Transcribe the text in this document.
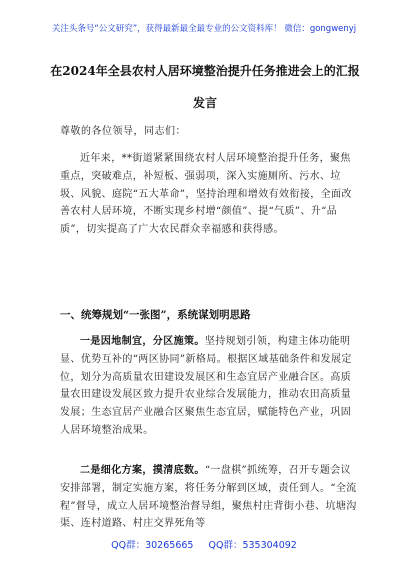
关注头条号“公文研究”，获得最新最全最专业的公文资料库！ 微信：gongwenyj
在2024年全县农村人居环境整治提升任务推进会上的汇报
发言
尊敬的各位领导，同志们：

近年来，**街道紧紧围绕农村人居环境整治提升任务，聚焦重点，突破难点，补短板、强弱项，深入实施厕所、污水、垃圾、风貌、庭院“五大革命”，坚持治理和增效有效衔接，全面改善农村人居环境，不断实现乡村增“颜值”、提“气质”、升“品质”，切实提高了广大农民群众幸福感和获得感。

一、统筹规划“一张图”，系统谋划明思路

一是因地制宜，分区施策。坚持规划引领，构建主体功能明显、优势互补的“两区协同”新格局。根据区域基础条件和发展定位，划分为高质量农田建设发展区和生态宜居产业融合区。高质量农田建设发展区致力提升农业综合发展能力，推动农田高质量发展；生态宜居产业融合区聚焦生态宜居，赋能特色产业，巩固人居环境整治成果。

二是细化方案，摸清底数。“一盘棋”抓统筹，召开专题会议安排部署，制定实施方案，将任务分解到区域，责任到人。“全流程”督导，成立人居环境整治督导组，聚焦村庄背街小巷、坑塘沟渠、连村道路、村庄交界死角等

QQ群：30265665 QQ群：535304092
